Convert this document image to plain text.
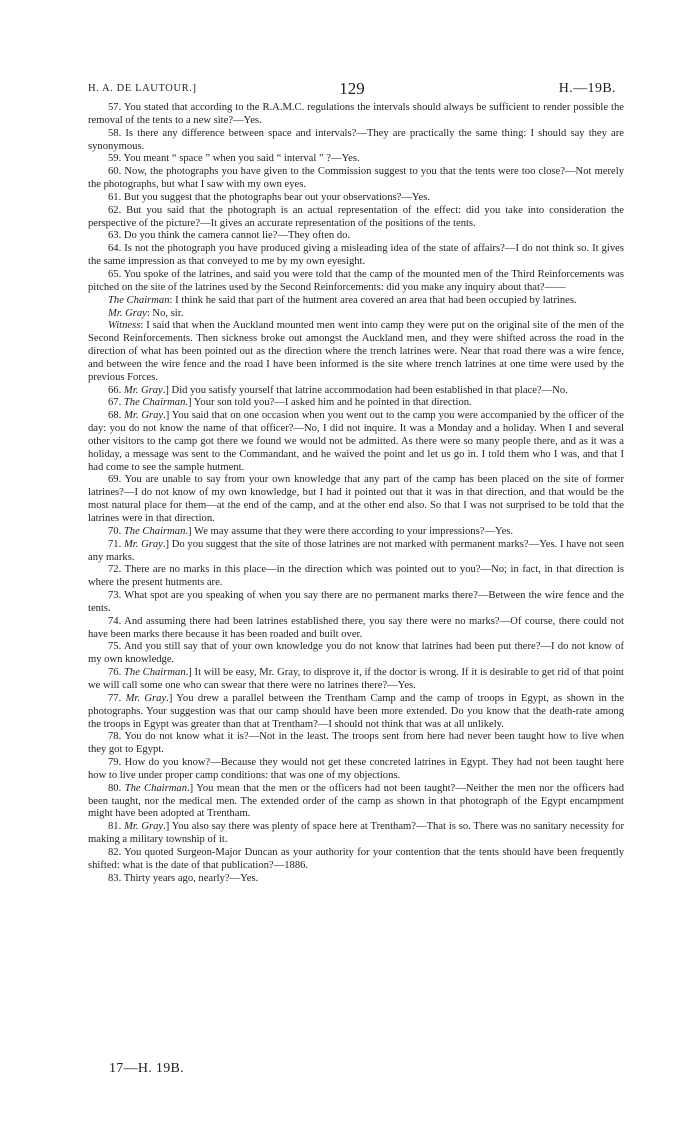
H. A. DE LAUTOUR.]	129	H.—19B.

57. You stated that according to the R.A.M.C. regulations the intervals should always be sufficient to render possible the removal of the tents to a new site?—Yes.

58. Is there any difference between space and intervals?—They are practically the same thing: I should say they are synonymous.

59. You meant “ space ” when you said “ interval ” ?—Yes.

60. Now, the photographs you have given to the Commission suggest to you that the tents were too close?—Not merely the photographs, but what I saw with my own eyes.

61. But you suggest that the photographs bear out your observations?—Yes.

62. But you said that the photograph is an actual representation of the effect: did you take into consideration the perspective of the picture?—It gives an accurate representation of the positions of the tents.

63. Do you think the camera cannot lie?—They often do.

64. Is not the photograph you have produced giving a misleading idea of the state of affairs?—I do not think so. It gives the same impression as that conveyed to me by my own eyesight.

65. You spoke of the latrines, and said you were told that the camp of the mounted men of the Third Reinforcements was pitched on the site of the latrines used by the Second Reinforcements: did you make any inquiry about that?——

The Chairman: I think he said that part of the hutment area covered an area that had been occupied by latrines.

Mr. Gray: No, sir.

Witness: I said that when the Auckland mounted men went into camp they were put on the original site of the men of the Second Reinforcements. Then sickness broke out amongst the Auckland men, and they were shifted across the road in the direction of what has been pointed out as the direction where the trench latrines were. Near that road there was a wire fence, and between the wire fence and the road I have been informed is the site where trench latrines at one time were used by the previous Forces.

66. Mr. Gray.] Did you satisfy yourself that latrine accommodation had been established in that place?—No.

67. The Chairman.] Your son told you?—I asked him and he pointed in that direction.

68. Mr. Gray.] You said that on one occasion when you went out to the camp you were accompanied by the officer of the day: you do not know the name of that officer?—No, I did not inquire. It was a Monday and a holiday. When I and several other visitors to the camp got there we found we would not be admitted. As there were so many people there, and as it was a holiday, a message was sent to the Commandant, and he waived the point and let us go in. I told them who I was, and that I had come to see the sample hutment.

69. You are unable to say from your own knowledge that any part of the camp has been placed on the site of former latrines?—I do not know of my own knowledge, but I had it pointed out that it was in that direction, and that would be the most natural place for them—at the end of the camp, and at the other end also. So that I was not surprised to be told that the latrines were in that direction.

70. The Chairman.] We may assume that they were there according to your impressions?—Yes.

71. Mr. Gray.] Do you suggest that the site of those latrines are not marked with permanent marks?—Yes. I have not seen any marks.

72. There are no marks in this place—in the direction which was pointed out to you?—No; in fact, in that direction is where the present hutments are.

73. What spot are you speaking of when you say there are no permanent marks there?—Between the wire fence and the tents.

74. And assuming there had been latrines established there, you say there were no marks?—Of course, there could not have been marks there because it has been roaded and built over.

75. And you still say that of your own knowledge you do not know that latrines had been put there?—I do not know of my own knowledge.

76. The Chairman.] It will be easy, Mr. Gray, to disprove it, if the doctor is wrong. If it is desirable to get rid of that point we will call some one who can swear that there were no latrines there?—Yes.

77. Mr. Gray.] You drew a parallel between the Trentham Camp and the camp of troops in Egypt, as shown in the photographs. Your suggestion was that our camp should have been more extended. Do you know that the death-rate among the troops in Egypt was greater than that at Trentham?—I should not think that was at all unlikely.

78. You do not know what it is?—Not in the least. The troops sent from here had never been taught how to live when they got to Egypt.

79. How do you know?—Because they would not get these concreted latrines in Egypt. They had not been taught here how to live under proper camp conditions: that was one of my objections.

80. The Chairman.] You mean that the men or the officers had not been taught?—Neither the men nor the officers had been taught, nor the medical men. The extended order of the camp as shown in that photograph of the Egypt encampment might have been adopted at Trentham.

81. Mr. Gray.] You also say there was plenty of space here at Trentham?—That is so. There was no sanitary necessity for making a military township of it.

82. You quoted Surgeon-Major Duncan as your authority for your contention that the tents should have been frequently shifted: what is the date of that publication?—1886.

83. Thirty years ago, nearly?—Yes.

17—H. 19B.
